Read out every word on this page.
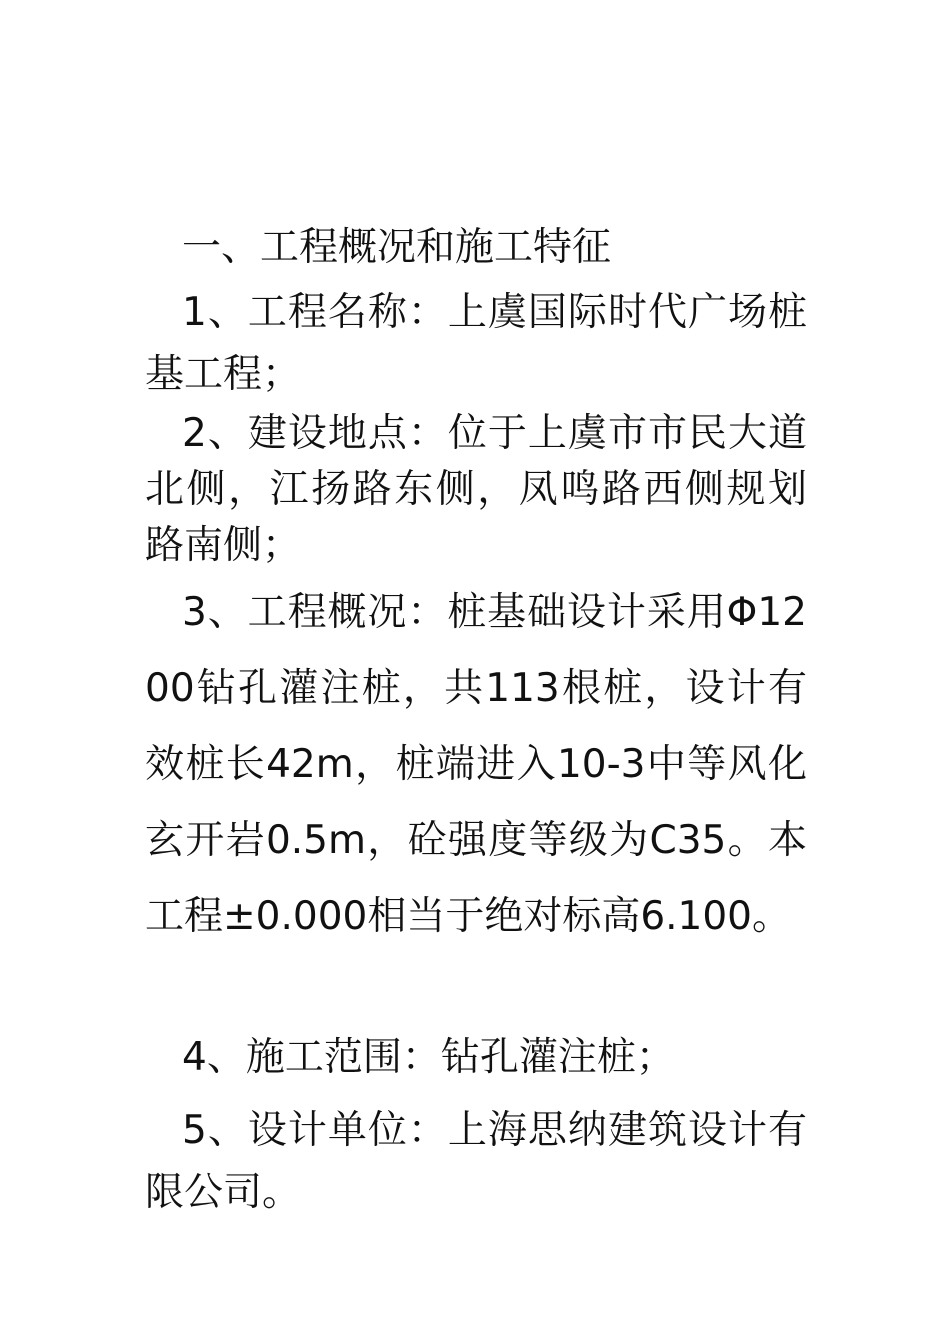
一、工程概况和施工特征
1、工程名称：上虞国际时代广场桩基工程；
2、建设地点：位于上虞市市民大道北侧，江扬路东侧，凤鸣路西侧规划路南侧；
3、工程概况：桩基础设计采用Φ1200钻孔灌注桩，共113根桩，设计有效桩长42m，桩端进入10-3中等风化玄开岩0.5m，砼强度等级为C35。本工程±0.000相当于绝对标高6.100。
4、施工范围：钻孔灌注桩；
5、设计单位：上海思纳建筑设计有限公司。
